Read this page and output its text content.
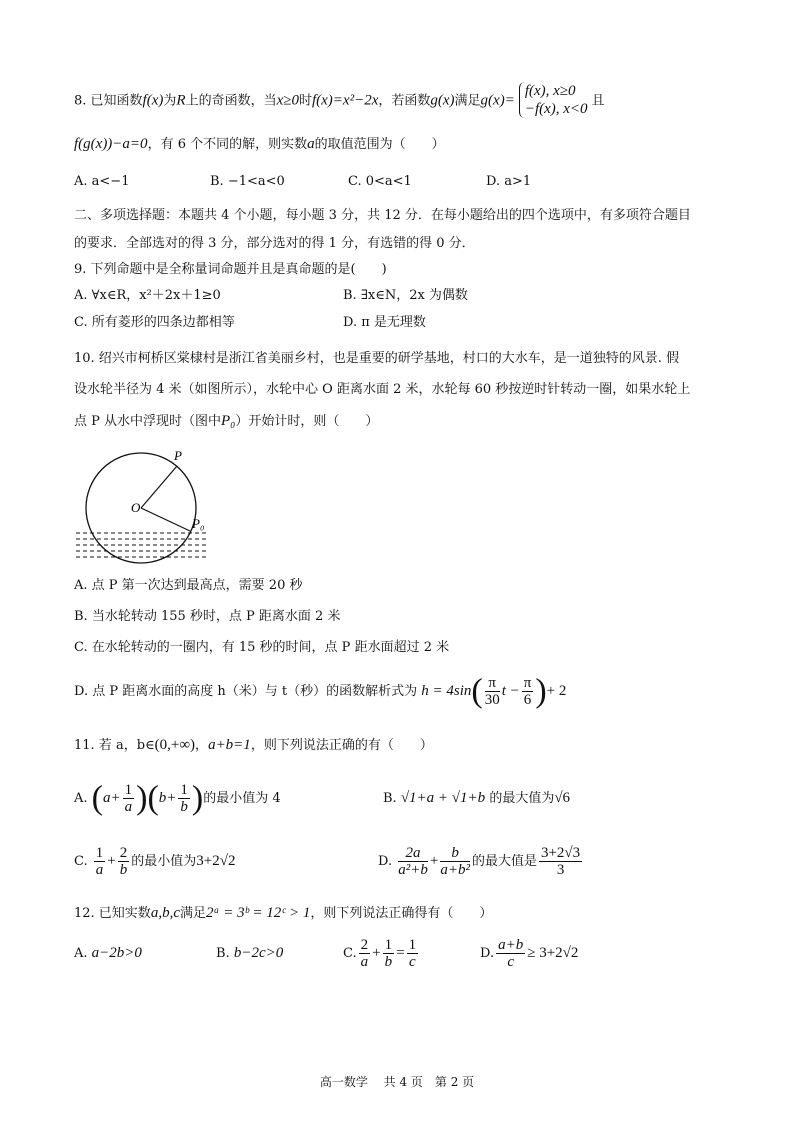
8. 已知函数f(x)为R上的奇函数，当x≥0时f(x)=x²−2x，若函数g(x)满足g(x)=
f(x), x≥0
−f(x), x<0 且
f(g(x))−a=0，有 6 个不同的解，则实数a的取值范围为（　　）
A. a<−1	B. −1<a<0	C. 0<a<1	D. a>1
二、多项选择题：本题共 4 个小题，每小题 3 分，共 12 分．在每小题给出的四个选项中，有多项符合题目
的要求．全部选对的得 3 分，部分选对的得 1 分，有选错的得 0 分．
9. 下列命题中是全称量词命题并且是真命题的是(　　)
A. ∀x∈R，x²＋2x＋1≥0	B. ∃x∈N，2x 为偶数
C. 所有菱形的四条边都相等	D. π 是无理数
10. 绍兴市柯桥区棠棣村是浙江省美丽乡村，也是重要的研学基地，村口的大水车，是一道独特的风景. 假
设水轮半径为 4 米（如图所示），水轮中心 O 距离水面 2 米，水轮每 60 秒按逆时针转动一圈，如果水轮上
点 P 从水中浮现时（图中P₀）开始计时，则（　　）
P
O
P₀
A. 点 P 第一次达到最高点，需要 20 秒
B. 当水轮转动 155 秒时，点 P 距离水面 2 米
C. 在水轮转动的一圈内，有 15 秒的时间，点 P 距水面超过 2 米
D. 点 P 距离水面的高度 h（米）与 t（秒）的函数解析式为 $h = 4\sin( \frac{\pi}{30}$ $t - \frac{\pi}{6}$ )+ 2
11. 若 a，b∈(0,+∞)，a+b=1，则下列说法正确的有（　　）
A. $(a+ \frac{1}{a} )(b+ \frac{1}{b}$ )的最小值为 4	B. √1+a + √1+b 的最大值为√6
C. $\frac{1}{a} + \frac{2}{b}$ 的最小值为3+2√2	D. $\frac{2a}{\text{a²+b}} + \frac{b}{\text{a+b²}}$ 的最大值是 $\frac{3+2√3}{3}$
12. 已知实数a,b,c满足2ᵃ = 3ᵇ = 12ᶜ > 1，则下列说法正确得有（　　）
A. a−2b>0	B. b−2c>0	C. $\frac{2}{a} + \frac{1}{b} = \frac{1}{c}$	D. $\frac{a+b}{c} \ge 3+2√2$
高一数学　 共 4 页　第 2 页
